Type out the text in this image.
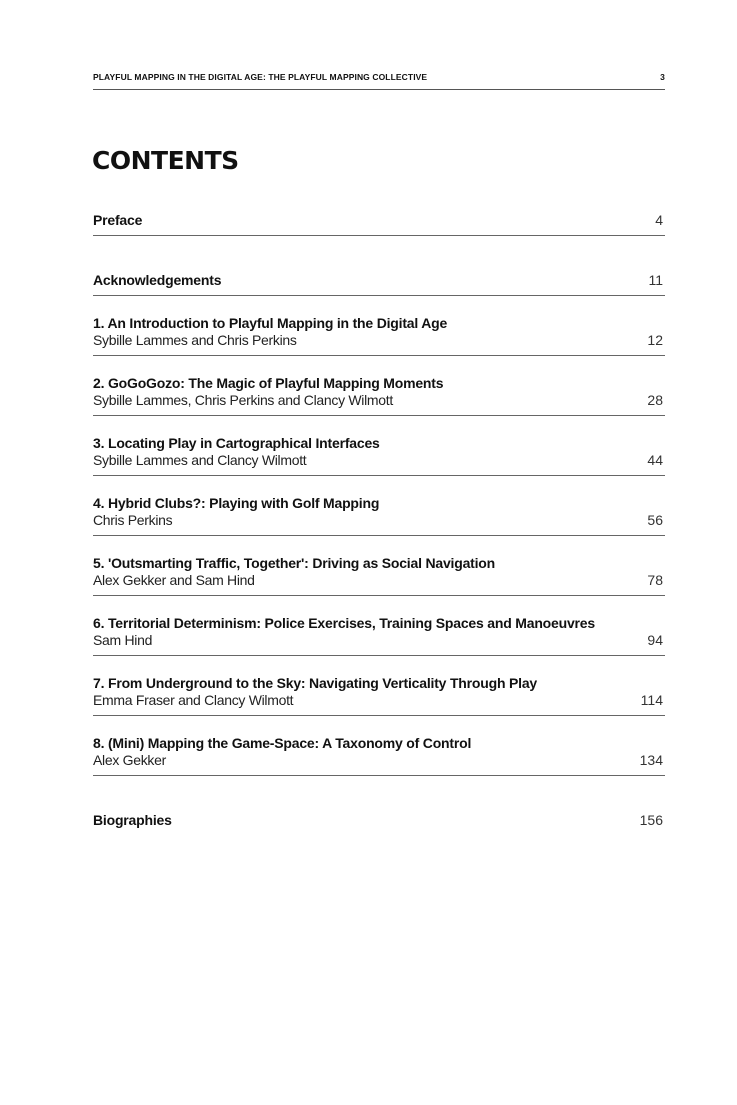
PLAYFUL MAPPING IN THE DIGITAL AGE: THE PLAYFUL MAPPING COLLECTIVE	3
CONTENTS
Preface	4
Acknowledgements	11
1. An Introduction to Playful Mapping in the Digital Age
Sybille Lammes and Chris Perkins	12
2. GoGoGozo: The Magic of Playful Mapping Moments
Sybille Lammes, Chris Perkins and Clancy Wilmott	28
3. Locating Play in Cartographical Interfaces
Sybille Lammes and Clancy Wilmott	44
4. Hybrid Clubs?: Playing with Golf Mapping
Chris Perkins	56
5. 'Outsmarting Traffic, Together': Driving as Social Navigation
Alex Gekker and Sam Hind	78
6. Territorial Determinism: Police Exercises, Training Spaces and Manoeuvres
Sam Hind	94
7. From Underground to the Sky: Navigating Verticality Through Play
Emma Fraser and Clancy Wilmott	114
8. (Mini) Mapping the Game-Space: A Taxonomy of Control
Alex Gekker	134
Biographies	156
